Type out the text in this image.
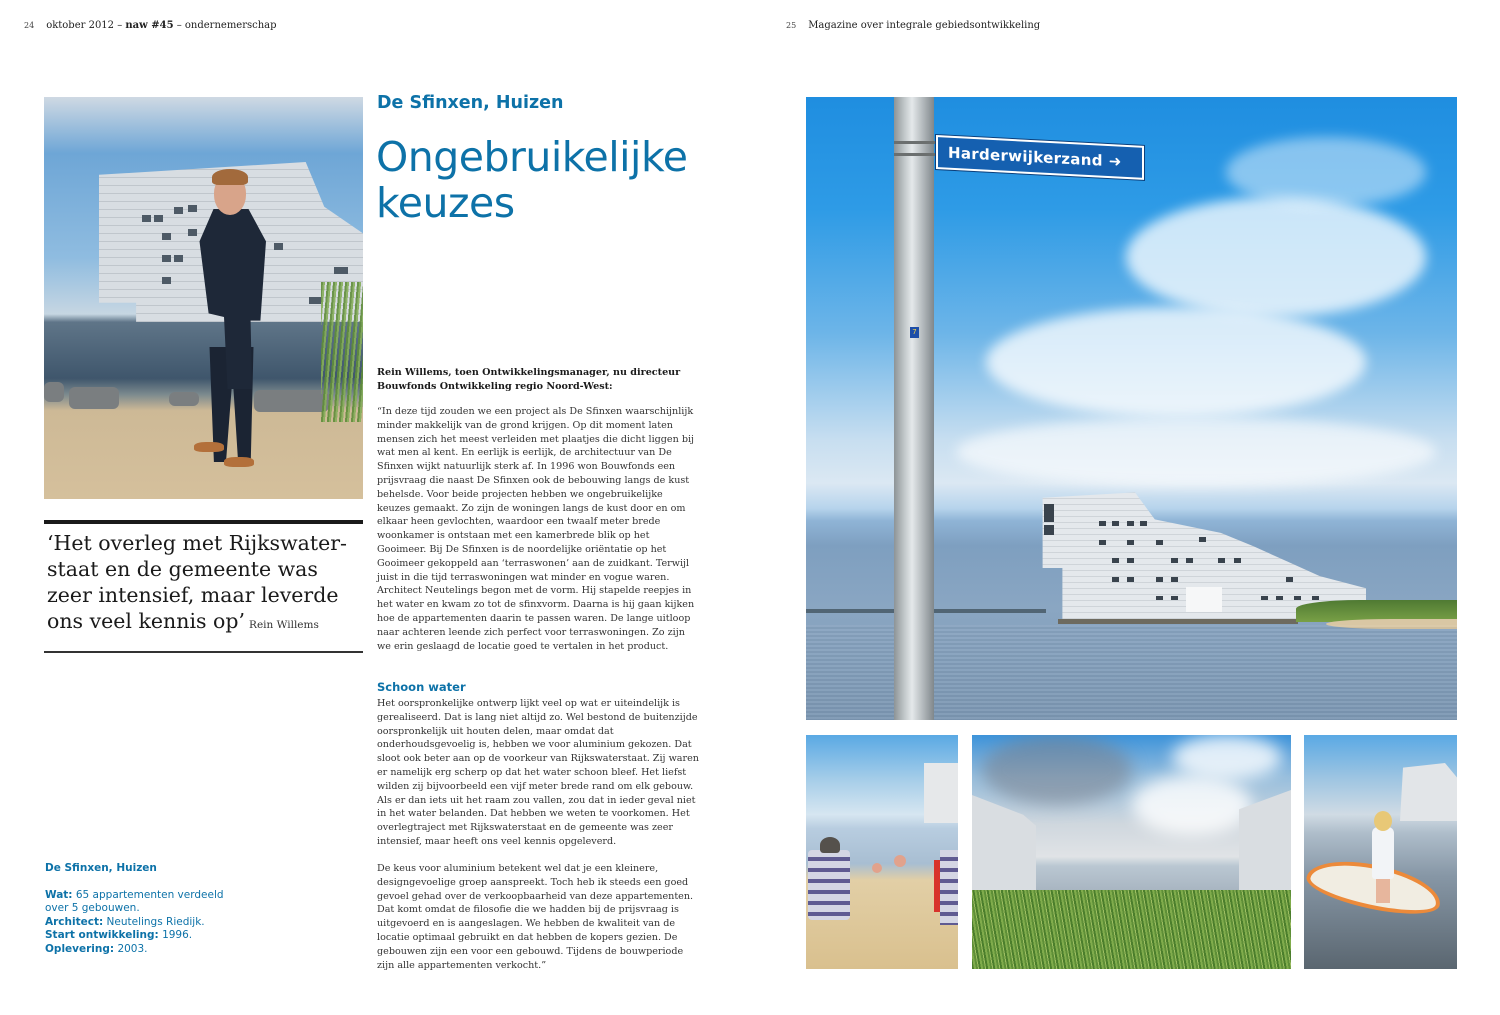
24 oktober 2012 – naw #45 – ondernemerschap
De Sfinxen, Huizen
Ongebruikelijke keuzes
‘Het overleg met Rijkswater-staat en de gemeente was zeer intensief, maar leverde ons veel kennis op’ Rein Willems
De Sfinxen, Huizen
Wat: 65 appartementen verdeeld over 5 gebouwen.
Architect: Neutelings Riedijk.
Start ontwikkeling: 1996.
Oplevering: 2003.
Rein Willems, toen Ontwikkelingsmanager, nu directeur Bouwfonds Ontwikkeling regio Noord-West:

“In deze tijd zouden we een project als De Sfinxen waarschijnlijk minder makkelijk van de grond krijgen. Op dit moment laten mensen zich het meest verleiden met plaatjes die dicht liggen bij wat men al kent. En eerlijk is eerlijk, de architectuur van De Sfinxen wijkt natuurlijk sterk af. In 1996 won Bouwfonds een prijsvraag die naast De Sfinxen ook de bebouwing langs de kust behelsde. Voor beide projecten hebben we ongebruikelijke keuzes gemaakt. Zo zijn de woningen langs de kust door en om elkaar heen gevlochten, waardoor een twaalf meter brede woonkamer is ontstaan met een kamerbrede blik op het Gooimeer. Bij De Sfinxen is de noordelijke oriëntatie op het Gooimeer gekoppeld aan ‘terraswonen’ aan de zuidkant. Terwijl juist in die tijd terraswoningen wat minder en vogue waren.

Architect Neutelings begon met de vorm. Hij stapelde reepjes in het water en kwam zo tot de sfinxvorm. Daarna is hij gaan kijken hoe de appartementen daarin te passen waren. De lange uitloop naar achteren leende zich perfect voor terraswoningen. Zo zijn we erin geslaagd de locatie goed te vertalen in het product.

Schoon water

Het oorspronkelijke ontwerp lijkt veel op wat er uiteindelijk is gerealiseerd. Dat is lang niet altijd zo. Wel bestond de buitenzijde oorspronkelijk uit houten delen, maar omdat dat onderhoudsgevoelig is, hebben we voor aluminium gekozen. Dat sloot ook beter aan op de voorkeur van Rijkswaterstaat. Zij waren er namelijk erg scherp op dat het water schoon bleef. Het liefst wilden zij bijvoorbeeld een vijf meter brede rand om elk gebouw. Als er dan iets uit het raam zou vallen, zou dat in ieder geval niet in het water belanden. Dat hebben we weten te voorkomen. Het overlegtraject met Rijkswaterstaat en de gemeente was zeer intensief, maar heeft ons veel kennis opgeleverd.

De keus voor aluminium betekent wel dat je een kleinere, designgevoelige groep aanspreekt. Toch heb ik steeds een goed gevoel gehad over de verkoopbaarheid van deze appartementen. Dat komt omdat de filosofie die we hadden bij de prijsvraag is uitgevoerd en is aangeslagen. We hebben de kwaliteit van de locatie optimaal gebruikt en dat hebben de kopers gezien. De gebouwen zijn een voor een gebouwd. Tijdens de bouwperiode zijn alle appartementen verkocht.”

25 Magazine over integrale gebiedsontwikkeling
7
Harderwijkerzand ➜
